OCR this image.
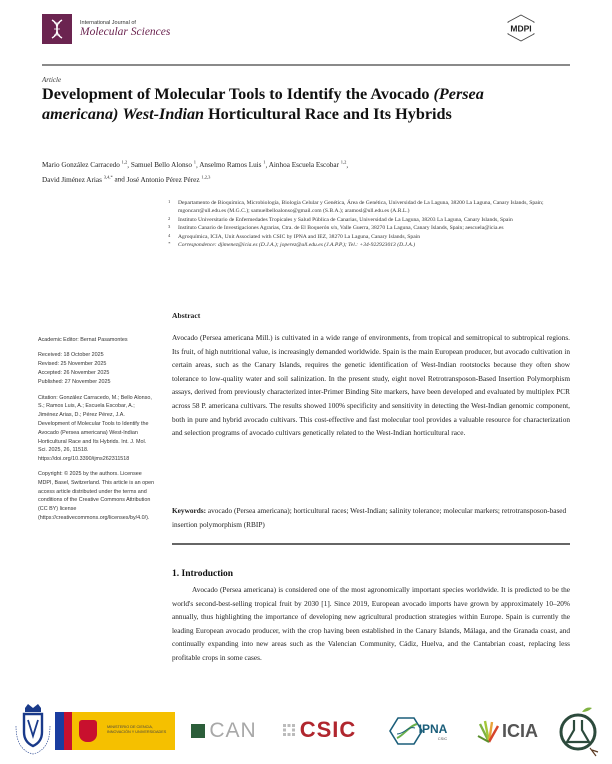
International Journal of
Molecular Sciences	MDPI
Article
Development of Molecular Tools to Identify the Avocado (Persea americana) West-Indian Horticultural Race and Its Hybrids
Mario González Carracedo $^{1,2}$, Samuel Bello Alonso $^1$, Anselmo Ramos Luis $^1$, Ainhoa Escuela Escobar $^{1,2}$,
David Jiménez Arias $^{3,4,*}$ and José Antonio Pérez Pérez $^{1,2,3}$
1 Departamento de Bioquímica, Microbiología, Biología Celular y Genética, Área de Genética, Universidad de La Laguna, 38200 La Laguna, Canary Islands, Spain; mgoncarr@ull.edu.es (M.G.C.); samuelbelloalonso@gmail.com (S.B.A.); aramosl@ull.edu.es (A.R.L.)
2 Instituto Universitario de Enfermedades Tropicales y Salud Pública de Canarias, Universidad de La Laguna, 38203 La Laguna, Canary Islands, Spain
3 Instituto Canario de Investigaciones Agrarias, Ctra. de El Boquerón s/n, Valle Guerra, 38270 La Laguna, Canary Islands, Spain; aescuela@icia.es
4 Agroquímica, ICIA, Unit Associated with CSIC by IPNA and IEZ, 38270 La Laguna, Canary Islands, Spain
* Correspondence: djimenez@icia.es (D.J.A.); joperez@ull.edu.es (J.A.P.P.); Tel.: +34-922923013 (D.J.A.)

Academic Editor: Bernat Pasamontes

Received: 18 October 2025
Revised: 25 November 2025
Accepted: 26 November 2025
Published: 27 November 2025

Citation: González Carracedo, M.; Bello Alonso, S.; Ramos Luis, A.; Escuela Escobar, A.; Jiménez Arias, D.; Pérez Pérez, J.A. Development of Molecular Tools to Identify the Avocado (Persea americana) West-Indian Horticultural Race and Its Hybrids. Int. J. Mol. Sci. 2025, 26, 11518. https://doi.org/10.3390/ijms262311518

Copyright: © 2025 by the authors. Licensee MDPI, Basel, Switzerland. This article is an open access article distributed under the terms and conditions of the Creative Commons Attribution (CC BY) license (https://creativecommons.org/licenses/by/4.0/).

Abstract
Avocado (Persea americana Mill.) is cultivated in a wide range of environments, from tropical and semitropical to subtropical regions. Its fruit, of high nutritional value, is increasingly demanded worldwide. Spain is the main European producer, but avocado cultivation in certain areas, such as the Canary Islands, requires the genetic identification of West-Indian rootstocks because they often show tolerance to low-quality water and soil salinization. In the present study, eight novel Retrotransposon-Based Insertion Polymorphism assays, derived from previously characterized inter-Primer Binding Site markers, have been developed and evaluated by multiplex PCR across 58 P. americana cultivars. The results showed 100% specificity and sensitivity in detecting the West-Indian genomic component, both in pure and hybrid avocado cultivars. This cost-effective and fast molecular tool provides a valuable resource for characterization and selection programs of avocado cultivars genetically related to the West-Indian horticultural race.
Keywords: avocado (Persea americana); horticultural races; West-Indian; salinity tolerance; molecular markers; retrotransposon-based insertion polymorphism (RBIP)
1. Introduction
Avocado (Persea americana) is considered one of the most agronomically important species worldwide. It is predicted to be the world's second-best-selling tropical fruit by 2030 [1]. Since 2019, European avocado imports have grown by approximately 10–20% annually, thus highlighting the importance of developing new agricultural production strategies within Europe. Spain is currently the leading European avocado producer, with the crop having been established in the Canary Islands, Málaga, and the Granada coast, and continually expanding into new areas such as the Valencian Community, Cádiz, Huelva, and the Cantabrian coast, replacing less profitable crops in some cases.
MINISTERIO DE CIENCIA, INNOVACIÓN Y UNIVERSIDADES CAN CSIC	IPNA
CSIC	ICIA
